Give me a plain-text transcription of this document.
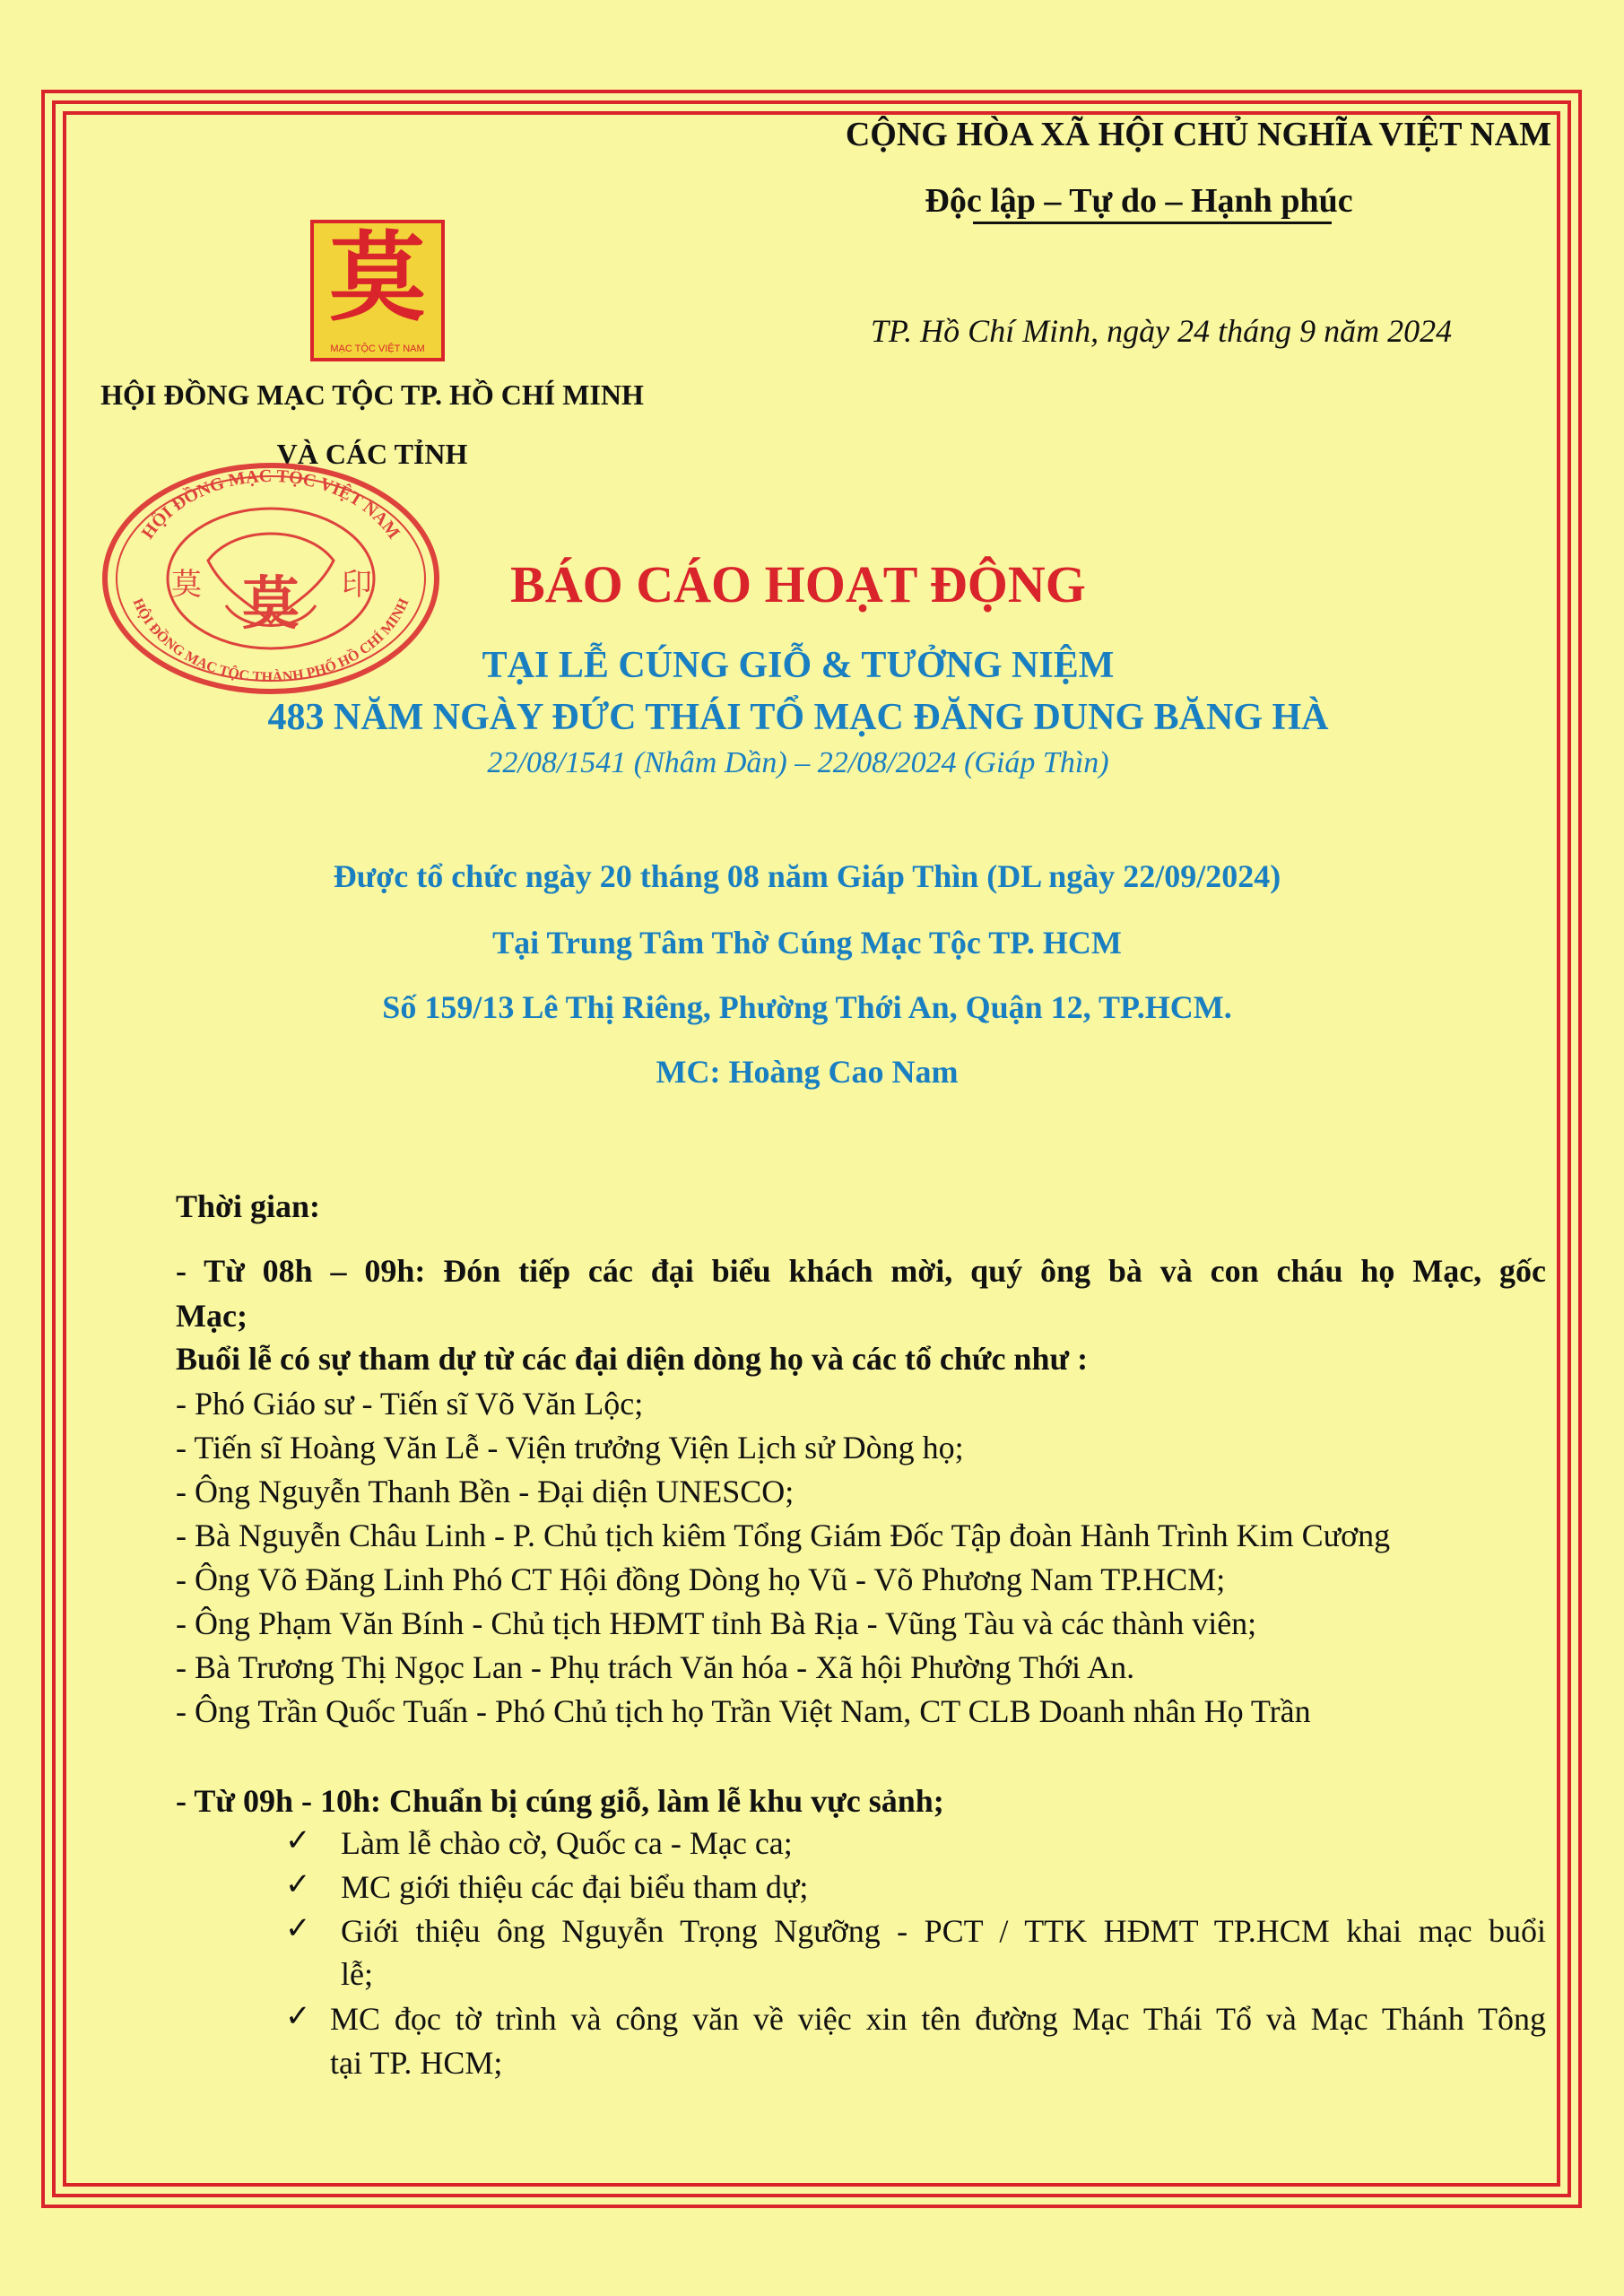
CỘNG HÒA XÃ HỘI CHỦ NGHĨA VIỆT NAM
Độc lập – Tự do – Hạnh phúc
TP. Hồ Chí Minh, ngày 24 tháng 9 năm 2024
莫
MẠC TỘC VIỆT NAM
HỘI ĐỒNG MẠC TỘC TP. HỒ CHÍ MINH
VÀ CÁC TỈNH
HỘI ĐỒNG MẠC TỘC VIỆT NAM
HỘI ĐỒNG MẠC TỘC THÀNH PHỐ HỒ CHÍ MINH
莫
莫	印	BÁO CÁO HOẠT ĐỘNG
TẠI LỄ CÚNG GIỖ & TƯỞNG NIỆM
483 NĂM NGÀY ĐỨC THÁI TỔ MẠC ĐĂNG DUNG BĂNG HÀ
22/08/1541 (Nhâm Dần) – 22/08/2024 (Giáp Thìn)
Được tổ chức ngày 20 tháng 08 năm Giáp Thìn (DL ngày 22/09/2024)
Tại Trung Tâm Thờ Cúng Mạc Tộc TP. HCM
Số 159/13 Lê Thị Riêng, Phường Thới An, Quận 12, TP.HCM.
MC: Hoàng Cao Nam
Thời gian:
- Từ 08h – 09h: Đón tiếp các đại biểu khách mời, quý ông bà và con cháu họ Mạc, gốc
Mạc;
Buổi lễ có sự tham dự từ các đại diện dòng họ và các tổ chức như :
- Phó Giáo sư - Tiến sĩ Võ Văn Lộc;
- Tiến sĩ Hoàng Văn Lễ - Viện trưởng Viện Lịch sử Dòng họ;
- Ông Nguyễn Thanh Bền - Đại diện UNESCO;
- Bà Nguyễn Châu Linh - P. Chủ tịch kiêm Tổng Giám Đốc Tập đoàn Hành Trình Kim Cương
- Ông Võ Đăng Linh Phó CT Hội đồng Dòng họ Vũ - Võ Phương Nam TP.HCM;
- Ông Phạm Văn Bính - Chủ tịch HĐMT tỉnh Bà Rịa - Vũng Tàu và các thành viên;
- Bà Trương Thị Ngọc Lan - Phụ trách Văn hóa - Xã hội Phường Thới An.
- Ông Trần Quốc Tuấn - Phó Chủ tịch họ Trần Việt Nam, CT CLB Doanh nhân Họ Trần
- Từ 09h - 10h: Chuẩn bị cúng giỗ, làm lễ khu vực sảnh;
✓ Làm lễ chào cờ, Quốc ca - Mạc ca;
✓ MC giới thiệu các đại biểu tham dự;
✓ Giới thiệu ông Nguyễn Trọng Ngưỡng - PCT / TTK HĐMT TP.HCM khai mạc buổi
lễ;
✓ MC đọc tờ trình và công văn về việc xin tên đường Mạc Thái Tổ và Mạc Thánh Tông
tại TP. HCM;
